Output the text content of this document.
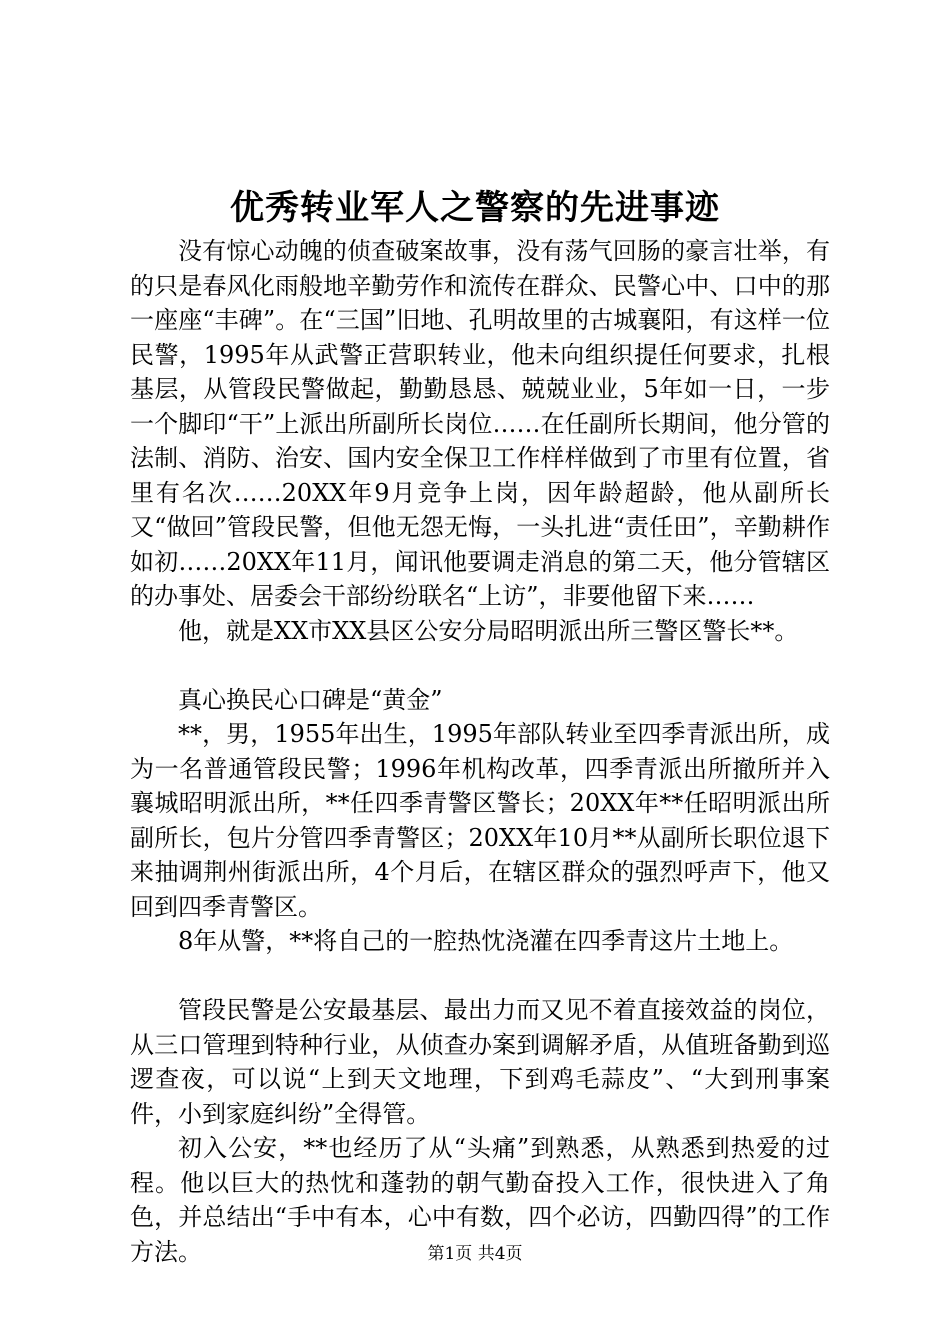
优秀转业军人之警察的先进事迹

没有惊心动魄的侦查破案故事，没有荡气回肠的豪言壮举，有的只是春风化雨般地辛勤劳作和流传在群众、民警心中、口中的那一座座“丰碑”。在“三国”旧地、孔明故里的古城襄阳，有这样一位民警，1995年从武警正营职转业，他未向组织提任何要求，扎根基层，从管段民警做起，勤勤恳恳、兢兢业业，5年如一日，一步一个脚印“干”上派出所副所长岗位……在任副所长期间，他分管的法制、消防、治安、国内安全保卫工作样样做到了市里有位置，省里有名次……20XX年9月竞争上岗，因年龄超龄，他从副所长又“做回”管段民警，但他无怨无悔，一头扎进“责任田”，辛勤耕作如初……20XX年11月，闻讯他要调走消息的第二天，他分管辖区的办事处、居委会干部纷纷联名“上访”，非要他留下来……

他，就是XX市XX县区公安分局昭明派出所三警区警长**。

真心换民心口碑是“黄金”

**，男，1955年出生，1995年部队转业至四季青派出所，成为一名普通管段民警；1996年机构改革，四季青派出所撤所并入襄城昭明派出所，**任四季青警区警长；20XX年**任昭明派出所副所长，包片分管四季青警区；20XX年10月**从副所长职位退下来抽调荆州街派出所，4个月后，在辖区群众的强烈呼声下，他又回到四季青警区。

8年从警，**将自己的一腔热忱浇灌在四季青这片土地上。

管段民警是公安最基层、最出力而又见不着直接效益的岗位，从三口管理到特种行业，从侦查办案到调解矛盾，从值班备勤到巡逻查夜，可以说“上到天文地理，下到鸡毛蒜皮”、“大到刑事案件，小到家庭纠纷”全得管。

初入公安，**也经历了从“头痛”到熟悉，从熟悉到热爱的过程。他以巨大的热忱和蓬勃的朝气勤奋投入工作，很快进入了角色，并总结出“手中有本，心中有数，四个必访，四勤四得”的工作方法。	第1页 共4页
